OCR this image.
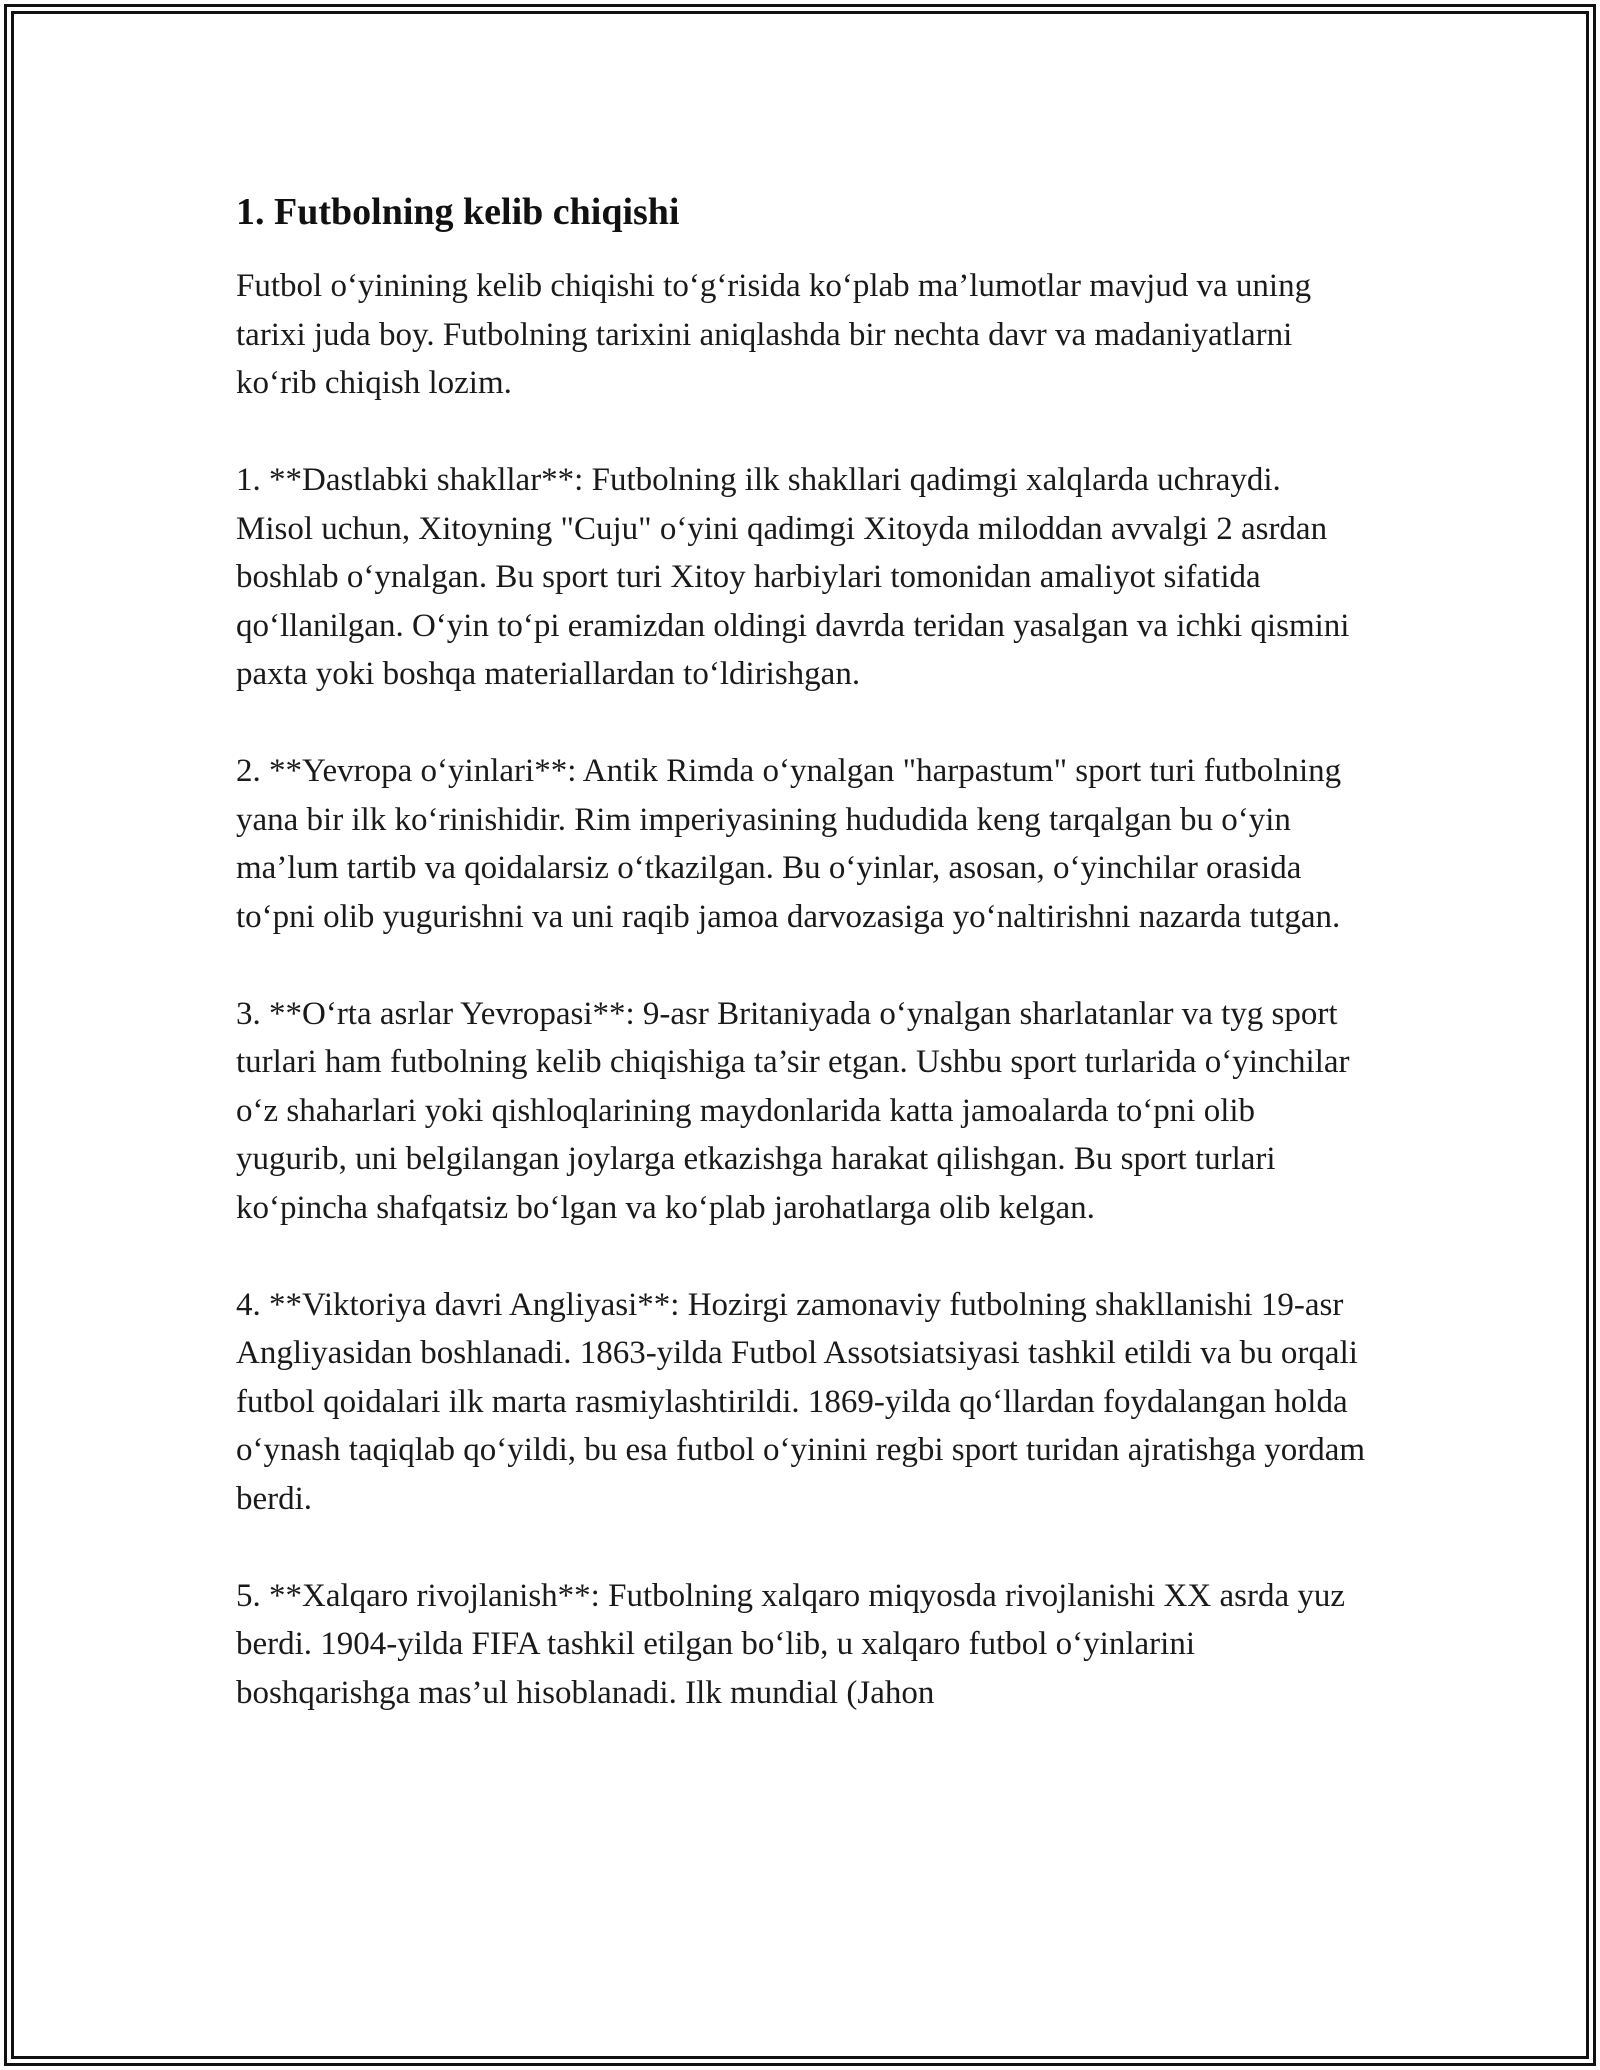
1. Futbolning kelib chiqishi

Futbol o‘yinining kelib chiqishi to‘g‘risida ko‘plab ma’lumotlar mavjud va uning tarixi juda boy. Futbolning tarixini aniqlashda bir nechta davr va madaniyatlarni ko‘rib chiqish lozim.

1. **Dastlabki shakllar**: Futbolning ilk shakllari qadimgi xalqlarda uchraydi. Misol uchun, Xitoyning "Cuju" o‘yini qadimgi Xitoyda miloddan avvalgi 2 asrdan boshlab o‘ynalgan. Bu sport turi Xitoy harbiylari tomonidan amaliyot sifatida qo‘llanilgan. O‘yin to‘pi eramizdan oldingi davrda teridan yasalgan va ichki qismini paxta yoki boshqa materiallardan to‘ldirishgan.

2. **Yevropa o‘yinlari**: Antik Rimda o‘ynalgan "harpastum" sport turi futbolning yana bir ilk ko‘rinishidir. Rim imperiyasining hududida keng tarqalgan bu o‘yin ma’lum tartib va qoidalarsiz o‘tkazilgan. Bu o‘yinlar, asosan, o‘yinchilar orasida to‘pni olib yugurishni va uni raqib jamoa darvozasiga yo‘naltirishni nazarda tutgan.

3. **O‘rta asrlar Yevropasi**: 9-asr Britaniyada o‘ynalgan sharlatanlar va tyg sport turlari ham futbolning kelib chiqishiga ta’sir etgan. Ushbu sport turlarida o‘yinchilar o‘z shaharlari yoki qishloqlarining maydonlarida katta jamoalarda to‘pni olib yugurib, uni belgilangan joylarga etkazishga harakat qilishgan. Bu sport turlari ko‘pincha shafqatsiz bo‘lgan va ko‘plab jarohatlarga olib kelgan.

4. **Viktoriya davri Angliyasi**: Hozirgi zamonaviy futbolning shakllanishi 19-asr Angliyasidan boshlanadi. 1863-yilda Futbol Assotsiatsiyasi tashkil etildi va bu orqali futbol qoidalari ilk marta rasmiylashtirildi. 1869-yilda qo‘llardan foydalangan holda o‘ynash taqiqlab qo‘yildi, bu esa futbol o‘yinini regbi sport turidan ajratishga yordam berdi.

5. **Xalqaro rivojlanish**: Futbolning xalqaro miqyosda rivojlanishi XX asrda yuz berdi. 1904-yilda FIFA tashkil etilgan bo‘lib, u xalqaro futbol o‘yinlarini boshqarishga mas’ul hisoblanadi. Ilk mundial (Jahon
